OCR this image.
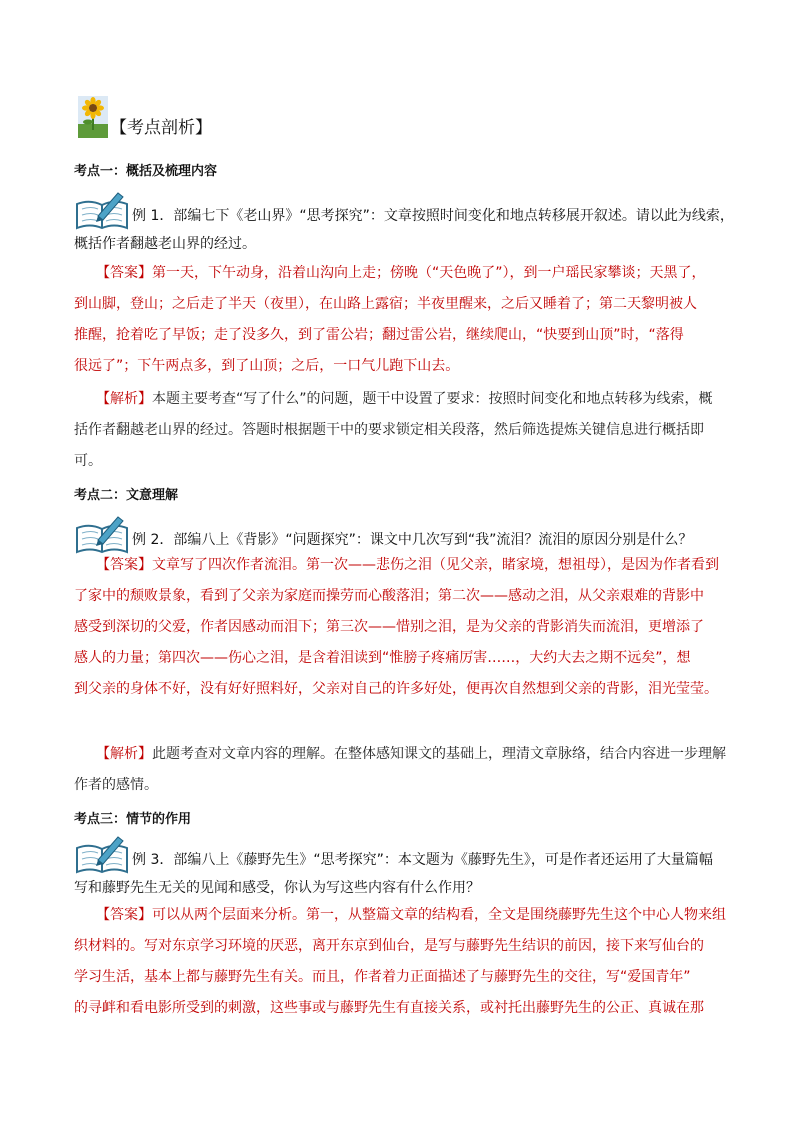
【考点剖析】
考点一：概括及梳理内容
例 1．部编七下《老山界》“思考探究”：文章按照时间变化和地点转移展开叙述。请以此为线索，
概括作者翻越老山界的经过。
【答案】第一天，下午动身，沿着山沟向上走；傍晚（“天色晚了”），到一户瑶民家攀谈；天黑了，
到山脚，登山；之后走了半天（夜里），在山路上露宿；半夜里醒来，之后又睡着了；第二天黎明被人
推醒，抢着吃了早饭；走了没多久，到了雷公岩；翻过雷公岩，继续爬山，“快要到山顶”时，“落得
很远了”；下午两点多，到了山顶；之后，一口气儿跑下山去。
【解析】本题主要考查“写了什么”的问题，题干中设置了要求：按照时间变化和地点转移为线索，概
括作者翻越老山界的经过。答题时根据题干中的要求锁定相关段落，然后筛选提炼关键信息进行概括即
可。
考点二：文意理解
例 2．部编八上《背影》“问题探究”：课文中几次写到“我”流泪？流泪的原因分别是什么？
【答案】文章写了四次作者流泪。第一次——悲伤之泪（见父亲，睹家境，想祖母），是因为作者看到
了家中的颓败景象，看到了父亲为家庭而操劳而心酸落泪；第二次——感动之泪，从父亲艰难的背影中
感受到深切的父爱，作者因感动而泪下；第三次——惜别之泪，是为父亲的背影消失而流泪，更增添了
感人的力量；第四次——伤心之泪，是含着泪读到“惟膀子疼痛厉害……，大约大去之期不远矣”，想
到父亲的身体不好，没有好好照料好，父亲对自己的许多好处，便再次自然想到父亲的背影，泪光莹莹。
【解析】此题考查对文章内容的理解。在整体感知课文的基础上，理清文章脉络，结合内容进一步理解
作者的感情。
考点三：情节的作用
例 3．部编八上《藤野先生》“思考探究”：本文题为《藤野先生》，可是作者还运用了大量篇幅
写和藤野先生无关的见闻和感受，你认为写这些内容有什么作用？
【答案】可以从两个层面来分析。第一，从整篇文章的结构看，全文是围绕藤野先生这个中心人物来组
织材料的。写对东京学习环境的厌恶，离开东京到仙台，是写与藤野先生结识的前因，接下来写仙台的
学习生活，基本上都与藤野先生有关。而且，作者着力正面描述了与藤野先生的交往，写“爱国青年”
的寻衅和看电影所受到的刺激，这些事或与藤野先生有直接关系，或衬托出藤野先生的公正、真诚在那
